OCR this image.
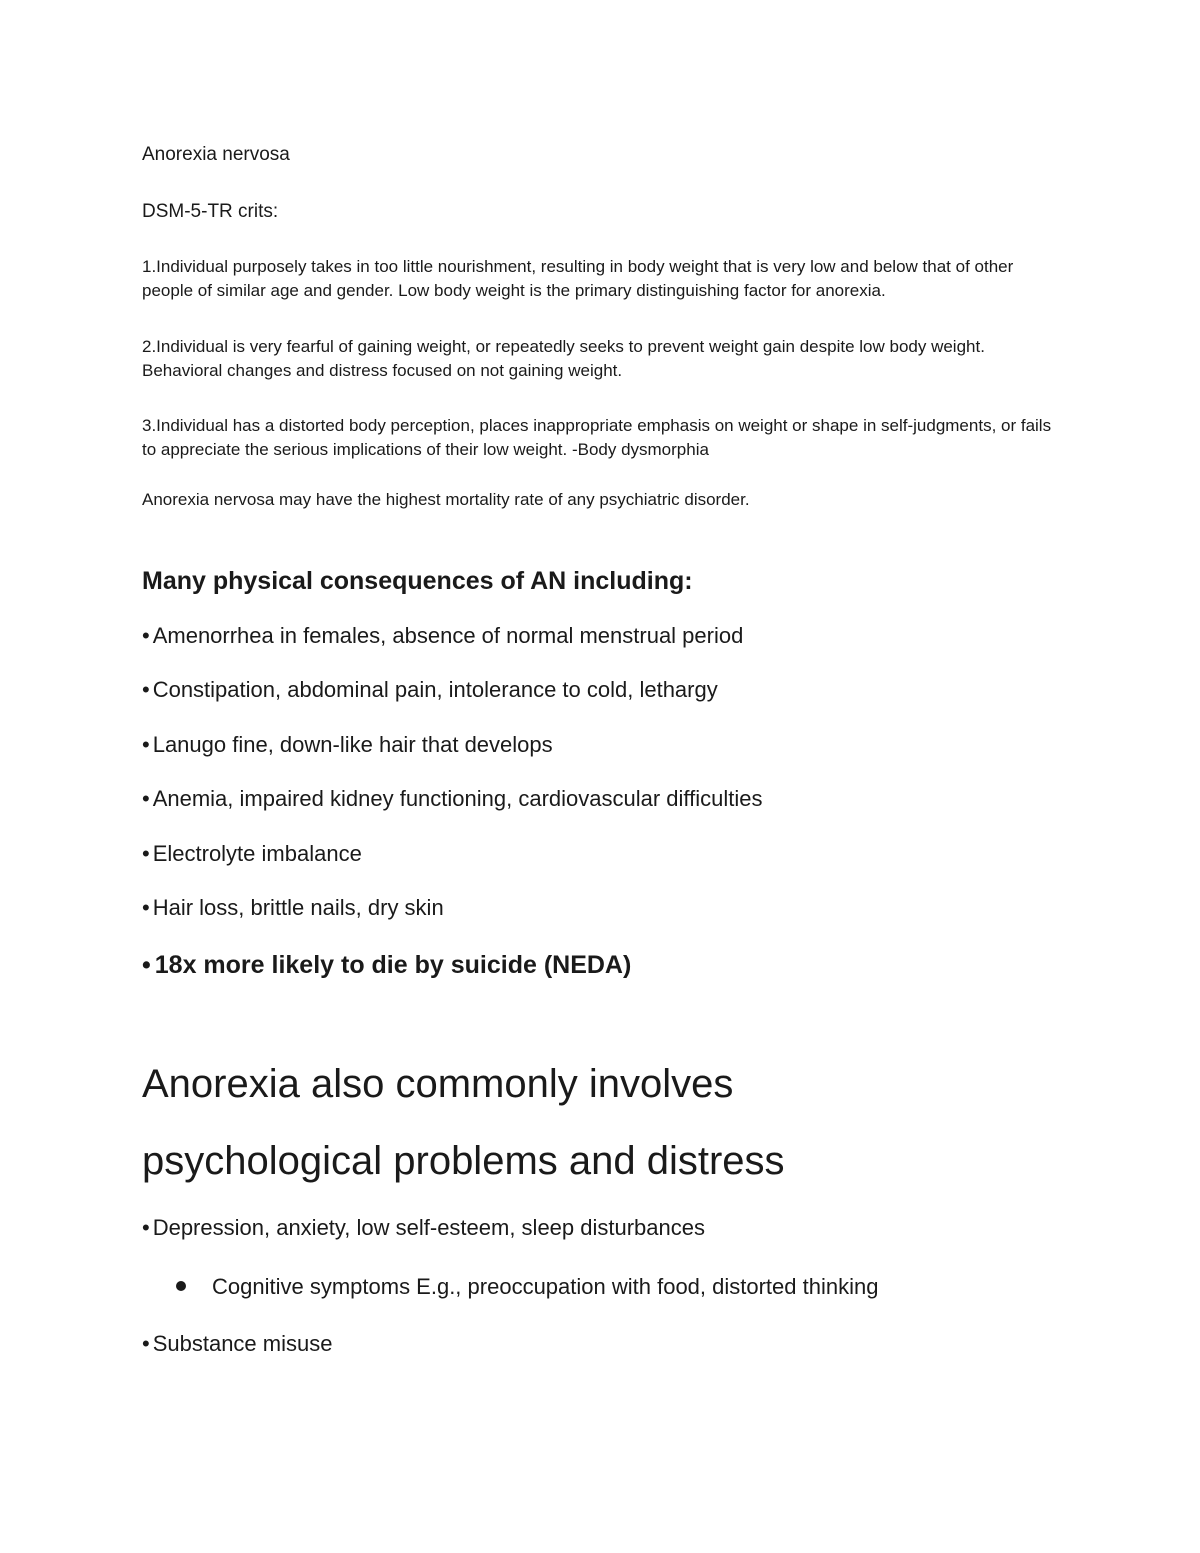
Anorexia nervosa
DSM-5-TR crits:
1.Individual purposely takes in too little nourishment, resulting in body weight that is very low and below that of other people of similar age and gender. Low body weight is the primary distinguishing factor for anorexia.
2.Individual is very fearful of gaining weight, or repeatedly seeks to prevent weight gain despite low body weight. Behavioral changes and distress focused on not gaining weight.
3.Individual has a distorted body perception, places inappropriate emphasis on weight or shape in self-judgments, or fails to appreciate the serious implications of their low weight. -Body dysmorphia
Anorexia nervosa may have the highest mortality rate of any psychiatric disorder.
Many physical consequences of AN including:
• Amenorrhea in females, absence of normal menstrual period
• Constipation, abdominal pain, intolerance to cold, lethargy
• Lanugo fine, down-like hair that develops
• Anemia, impaired kidney functioning, cardiovascular difficulties
• Electrolyte imbalance
• Hair loss, brittle nails, dry skin
• 18x more likely to die by suicide (NEDA)
Anorexia also commonly involves
psychological problems and distress
• Depression, anxiety, low self-esteem, sleep disturbances
Cognitive symptoms E.g., preoccupation with food, distorted thinking
• Substance misuse
